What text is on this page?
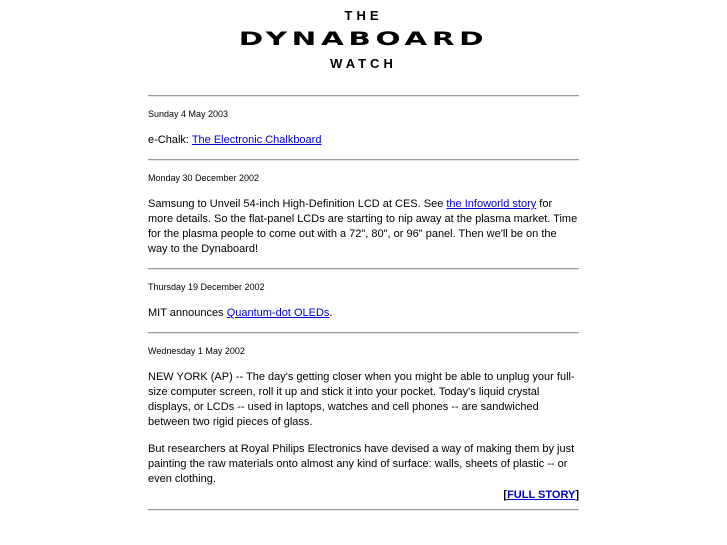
THE
DYNABOARD
WATCH

Sunday 4 May 2003

e-Chalk: The Electronic Chalkboard

Monday 30 December 2002

Samsung to Unveil 54-inch High-Definition LCD at CES. See the Infoworld story for more details. So the flat-panel LCDs are starting to nip away at the plasma market. Time for the plasma people to come out with a 72", 80", or 96" panel. Then we'll be on the way to the Dynaboard!

Thursday 19 December 2002

MIT announces Quantum-dot OLEDs.

Wednesday 1 May 2002

NEW YORK (AP) -- The day's getting closer when you might be able to unplug your full-size computer screen, roll it up and stick it into your pocket. Today's liquid crystal displays, or LCDs -- used in laptops, watches and cell phones -- are sandwiched between two rigid pieces of glass.

But researchers at Royal Philips Electronics have devised a way of making them by just painting the raw materials onto almost any kind of surface: walls, sheets of plastic -- or even clothing.

[FULL STORY]
